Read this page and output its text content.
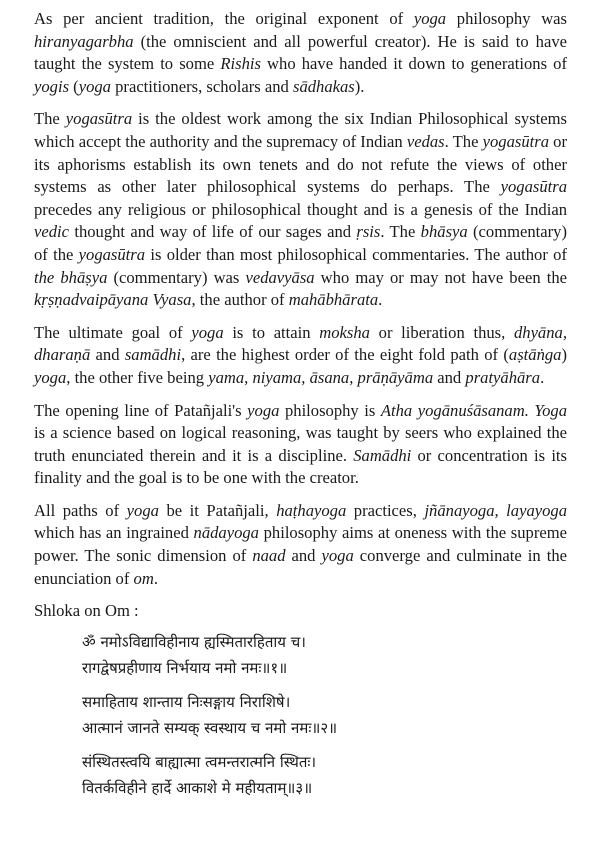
As per ancient tradition, the original exponent of yoga philosophy was hiranyagarbha (the omniscient and all powerful creator). He is said to have taught the system to some Rishis who have handed it down to generations of yogis (yoga practitioners, scholars and sādhakas).

The yogasūtra is the oldest work among the six Indian Philosophical systems which accept the authority and the supremacy of Indian vedas. The yogasūtra or its aphorisms establish its own tenets and do not refute the views of other systems as other later philosophical systems do perhaps. The yogasūtra precedes any religious or philosophical thought and is a genesis of the Indian vedic thought and way of life of our sages and ṛsis. The bhāsya (commentary) of the yogasūtra is older than most philosophical commentaries. The author of the bhāṣya (commentary) was vedavyāsa who may or may not have been the kṛṣṇadvaipāyana Vyasa, the author of mahābhārata.

The ultimate goal of yoga is to attain moksha or liberation thus, dhyāna, dharaṇā and samādhi, are the highest order of the eight fold path of (aṣtāṅga) yoga, the other five being yama, niyama, āsana, prāṇāyāma and pratyāhāra.

The opening line of Patañjali's yoga philosophy is Atha yogānuśāsanam. Yoga is a science based on logical reasoning, was taught by seers who explained the truth enunciated therein and it is a discipline. Samādhi or concentration is its finality and the goal is to be one with the creator.

All paths of yoga be it Patañjali, haṭhayoga practices, jñānayoga, layayoga which has an ingrained nādayoga philosophy aims at oneness with the supreme power. The sonic dimension of naad and yoga converge and culminate in the enunciation of om.

Shloka on Om :
ॐ नमोऽविद्याविहीनाय ह्यस्मितारहिताय च।
रागद्वेषप्रहीणाय निर्भयाय नमो नमः॥१॥
समाहिताय शान्ताय निःसङ्गाय निराशिषे।
आत्मानं जानते सम्यक् स्वस्थाय च नमो नमः॥२॥
संस्थितस्त्वयि बाह्यात्मा त्वमन्तरात्मनि स्थितः।
वितर्कविहीने हार्दे आकाशे मे महीयताम्॥३॥
